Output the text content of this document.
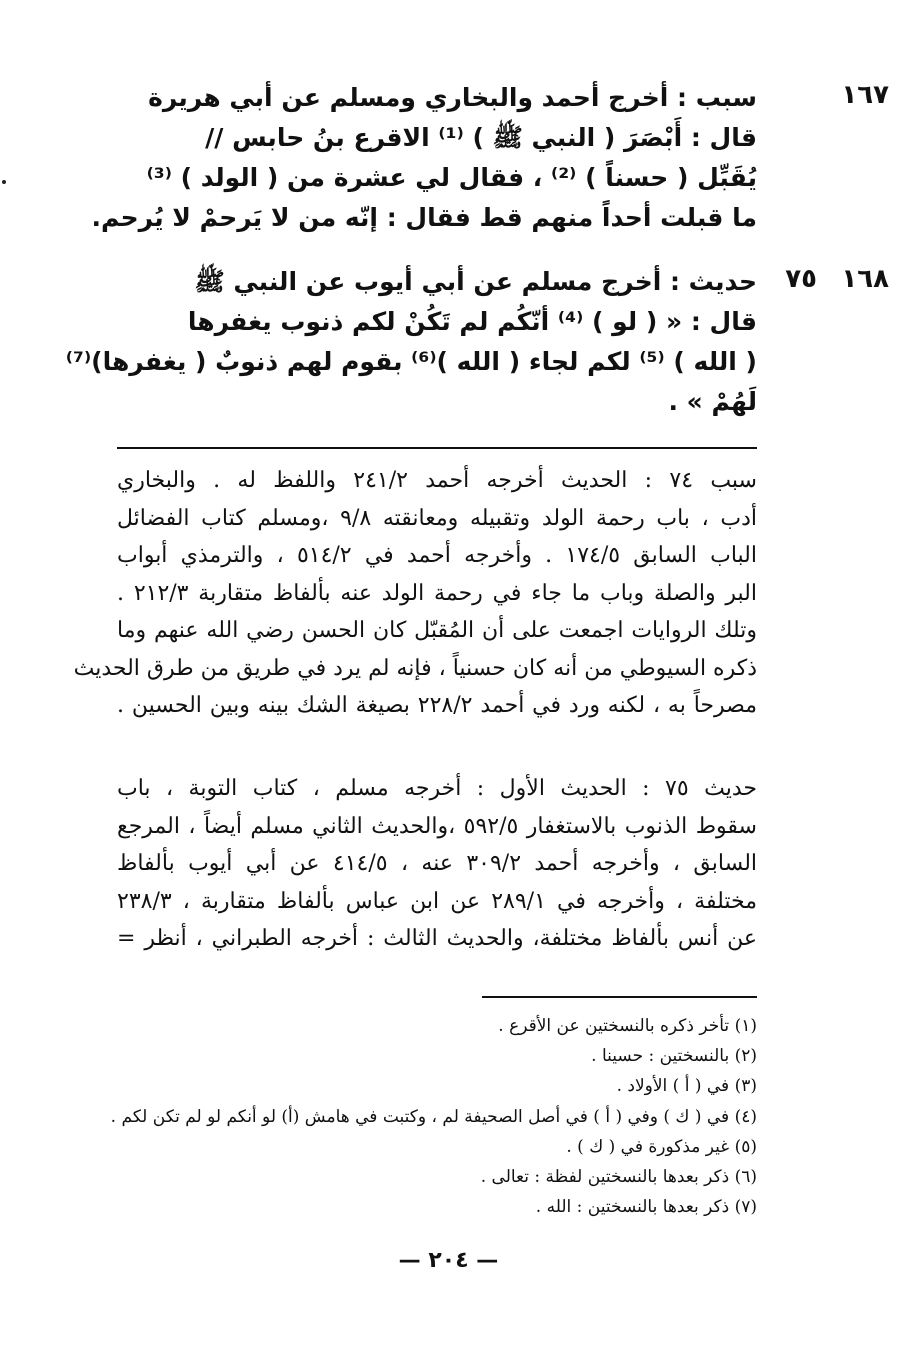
١٦٧
سبب : أخرج أحمد والبخاري ومسلم عن أبي هريرة
قال : أَبْصَرَ ( النبي ﷺ ) ⁽¹⁾ الاقرع بنُ حابس //
يُقَبِّل ( حسناً ) ⁽²⁾ ، فقال لي عشرة من ( الولد ) ⁽³⁾
ما قبلت أحداً منهم قط فقال : إنّه من لا يَرحمْ لا يُرحم.
١٦٨
٧٥
حديث : أخرج مسلم عن أبي أيوب عن النبي ﷺ
قال : « ( لو ) ⁽⁴⁾ أنّكُم لم تَكُنْ لكم ذنوب يغفرها
( الله ) ⁽⁵⁾ لكم لجاء ( الله )⁽⁶⁾ بقوم لهم ذنوبٌ ( يغفرها)⁽⁷⁾
لَهُمْ » .
سبب ٧٤ : الحديث أخرجه أحمد ٢٤١/٢ واللفظ له . والبخاري
أدب ، باب رحمة الولد وتقبيله ومعانقته ٩/٨ ،ومسلم كتاب الفضائل
الباب السابق ١٧٤/٥ . وأخرجه أحمد في ٥١٤/٢ ، والترمذي أبواب
البر والصلة وباب ما جاء في رحمة الولد عنه بألفاظ متقاربة ٢١٢/٣ .
وتلك الروايات اجمعت على أن المُقبّل كان الحسن رضي الله عنهم وما
ذكره السيوطي من أنه كان حسنياً ، فإنه لم يرد في طريق من طرق الحديث
مصرحاً به ، لكنه ورد في أحمد ٢٢٨/٢ بصيغة الشك بينه وبين الحسين .
حديث ٧٥ : الحديث الأول : أخرجه مسلم ، كتاب التوبة ، باب
سقوط الذنوب بالاستغفار ٥٩٢/٥ ،والحديث الثاني مسلم أيضاً ، المرجع
السابق ، وأخرجه أحمد ٣٠٩/٢ عنه ، ٤١٤/٥ عن أبي أيوب بألفاظ
مختلفة ، وأخرجه في ٢٨٩/١ عن ابن عباس بألفاظ متقاربة ، ٢٣٨/٣
عن أنس بألفاظ مختلفة، والحديث الثالث : أخرجه الطبراني ، أنظر =
(١) تأخر ذكره بالنسختين عن الأقرع .
(٢) بالنسختين : حسينا .
(٣) في ( أ ) الأولاد .
(٤) في ( ك ) وفي ( أ ) في أصل الصحيفة لم ، وكتبت في هامش (أ) لو أنكم لو لم تكن لكم .
(٥) غير مذكورة في ( ك ) .
(٦) ذكر بعدها بالنسختين لفظة : تعالى .
(٧) ذكر بعدها بالنسختين : الله .
— ٢٠٤ —
